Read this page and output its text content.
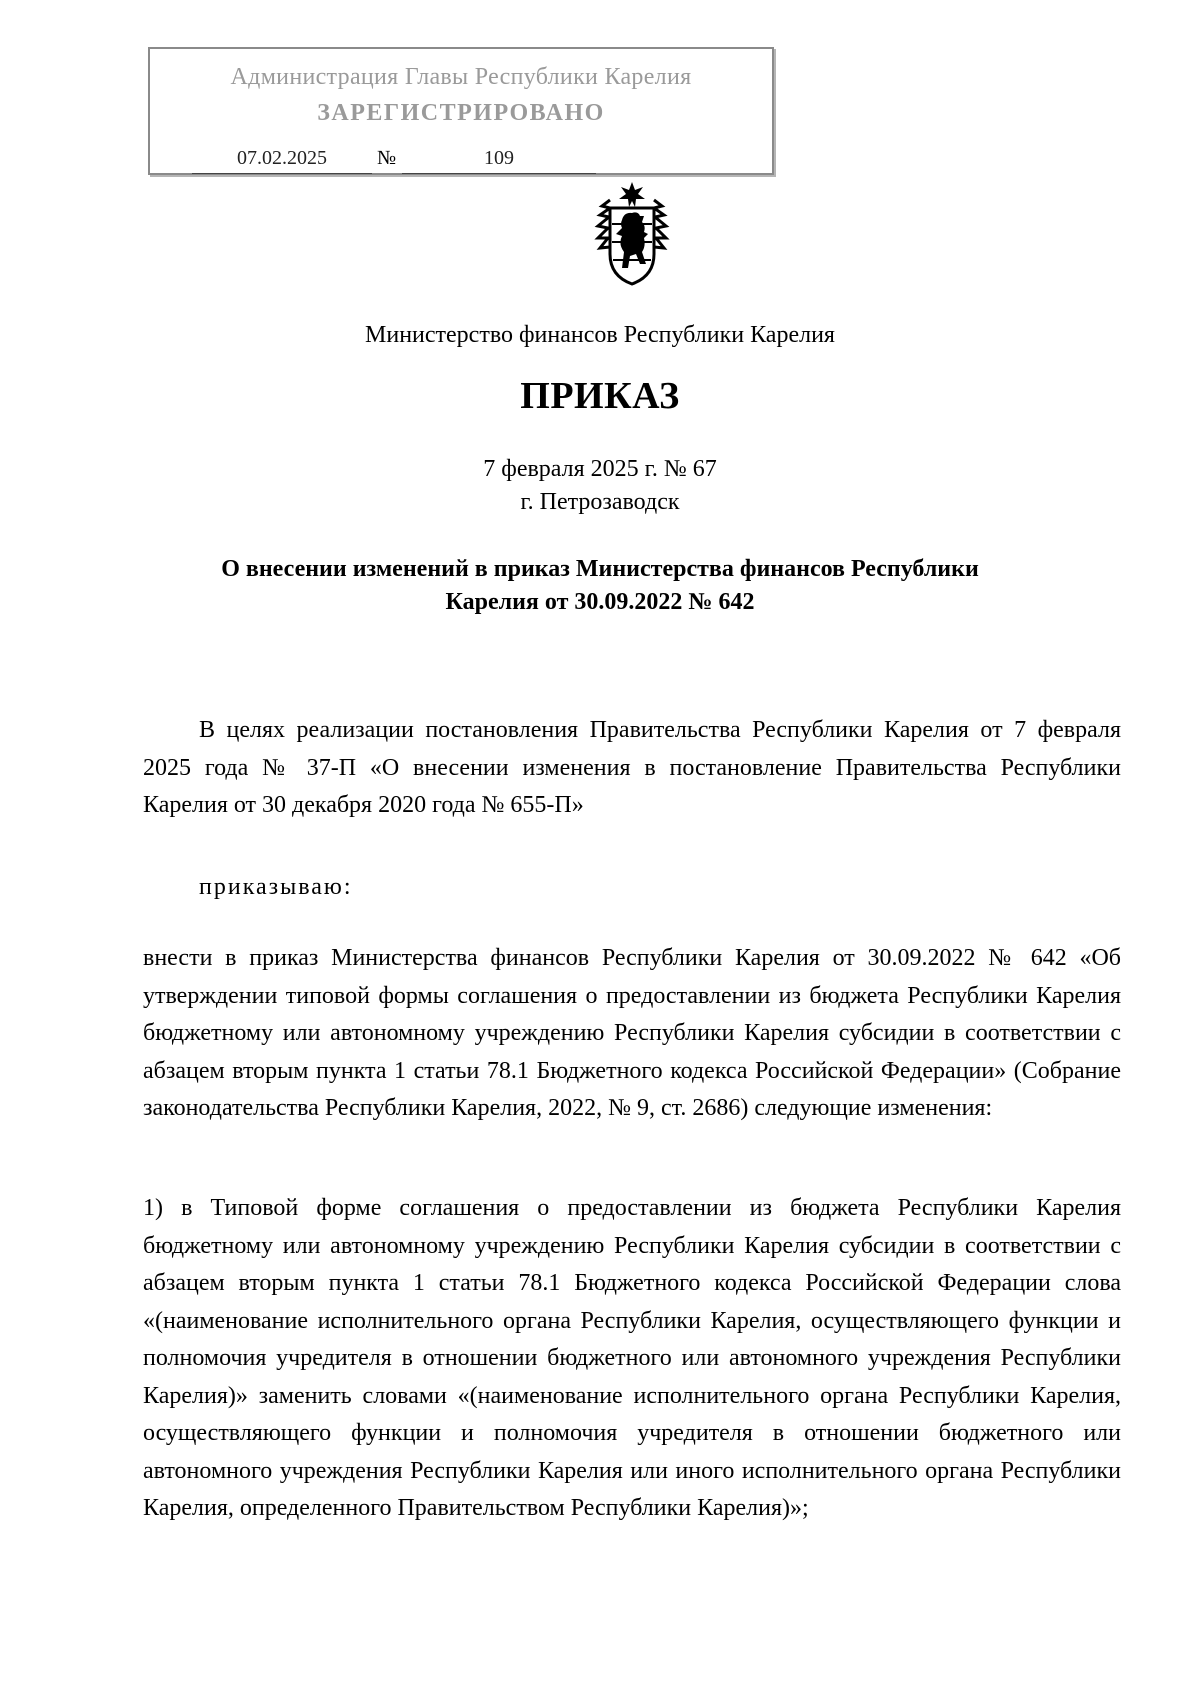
Администрация Главы Республики Карелия
ЗАРЕГИСТРИРОВАНО
07.02.2025	№	109
Министерство финансов Республики Карелия
ПРИКАЗ
7 февраля 2025 г. № 67
г. Петрозаводск
О внесении изменений в приказ Министерства финансов Республики
Карелия от 30.09.2022 № 642
В целях реализации постановления Правительства Республики Карелия от 7 февраля 2025 года № 37-П «О внесении изменения в постановление Правительства Республики Карелия от 30 декабря 2020 года № 655-П»
приказываю:
внести в приказ Министерства финансов Республики Карелия от 30.09.2022 № 642 «Об утверждении типовой формы соглашения о предоставлении из бюджета Республики Карелия бюджетному или автономному учреждению Республики Карелия субсидии в соответствии с абзацем вторым пункта 1 статьи 78.1 Бюджетного кодекса Российской Федерации» (Собрание законодательства Республики Карелия, 2022, № 9, ст. 2686) следующие изменения:
1) в Типовой форме соглашения о предоставлении из бюджета Республики Карелия бюджетному или автономному учреждению Республики Карелия субсидии в соответствии с абзацем вторым пункта 1 статьи 78.1 Бюджетного кодекса Российской Федерации слова «(наименование исполнительного органа Республики Карелия, осуществляющего функции и полномочия учредителя в отношении бюджетного или автономного учреждения Республики Карелия)» заменить словами «(наименование исполнительного органа Республики Карелия, осуществляющего функции и полномочия учредителя в отношении бюджетного или автономного учреждения Республики Карелия или иного исполнительного органа Республики Карелия, определенного Правительством Республики Карелия)»;
